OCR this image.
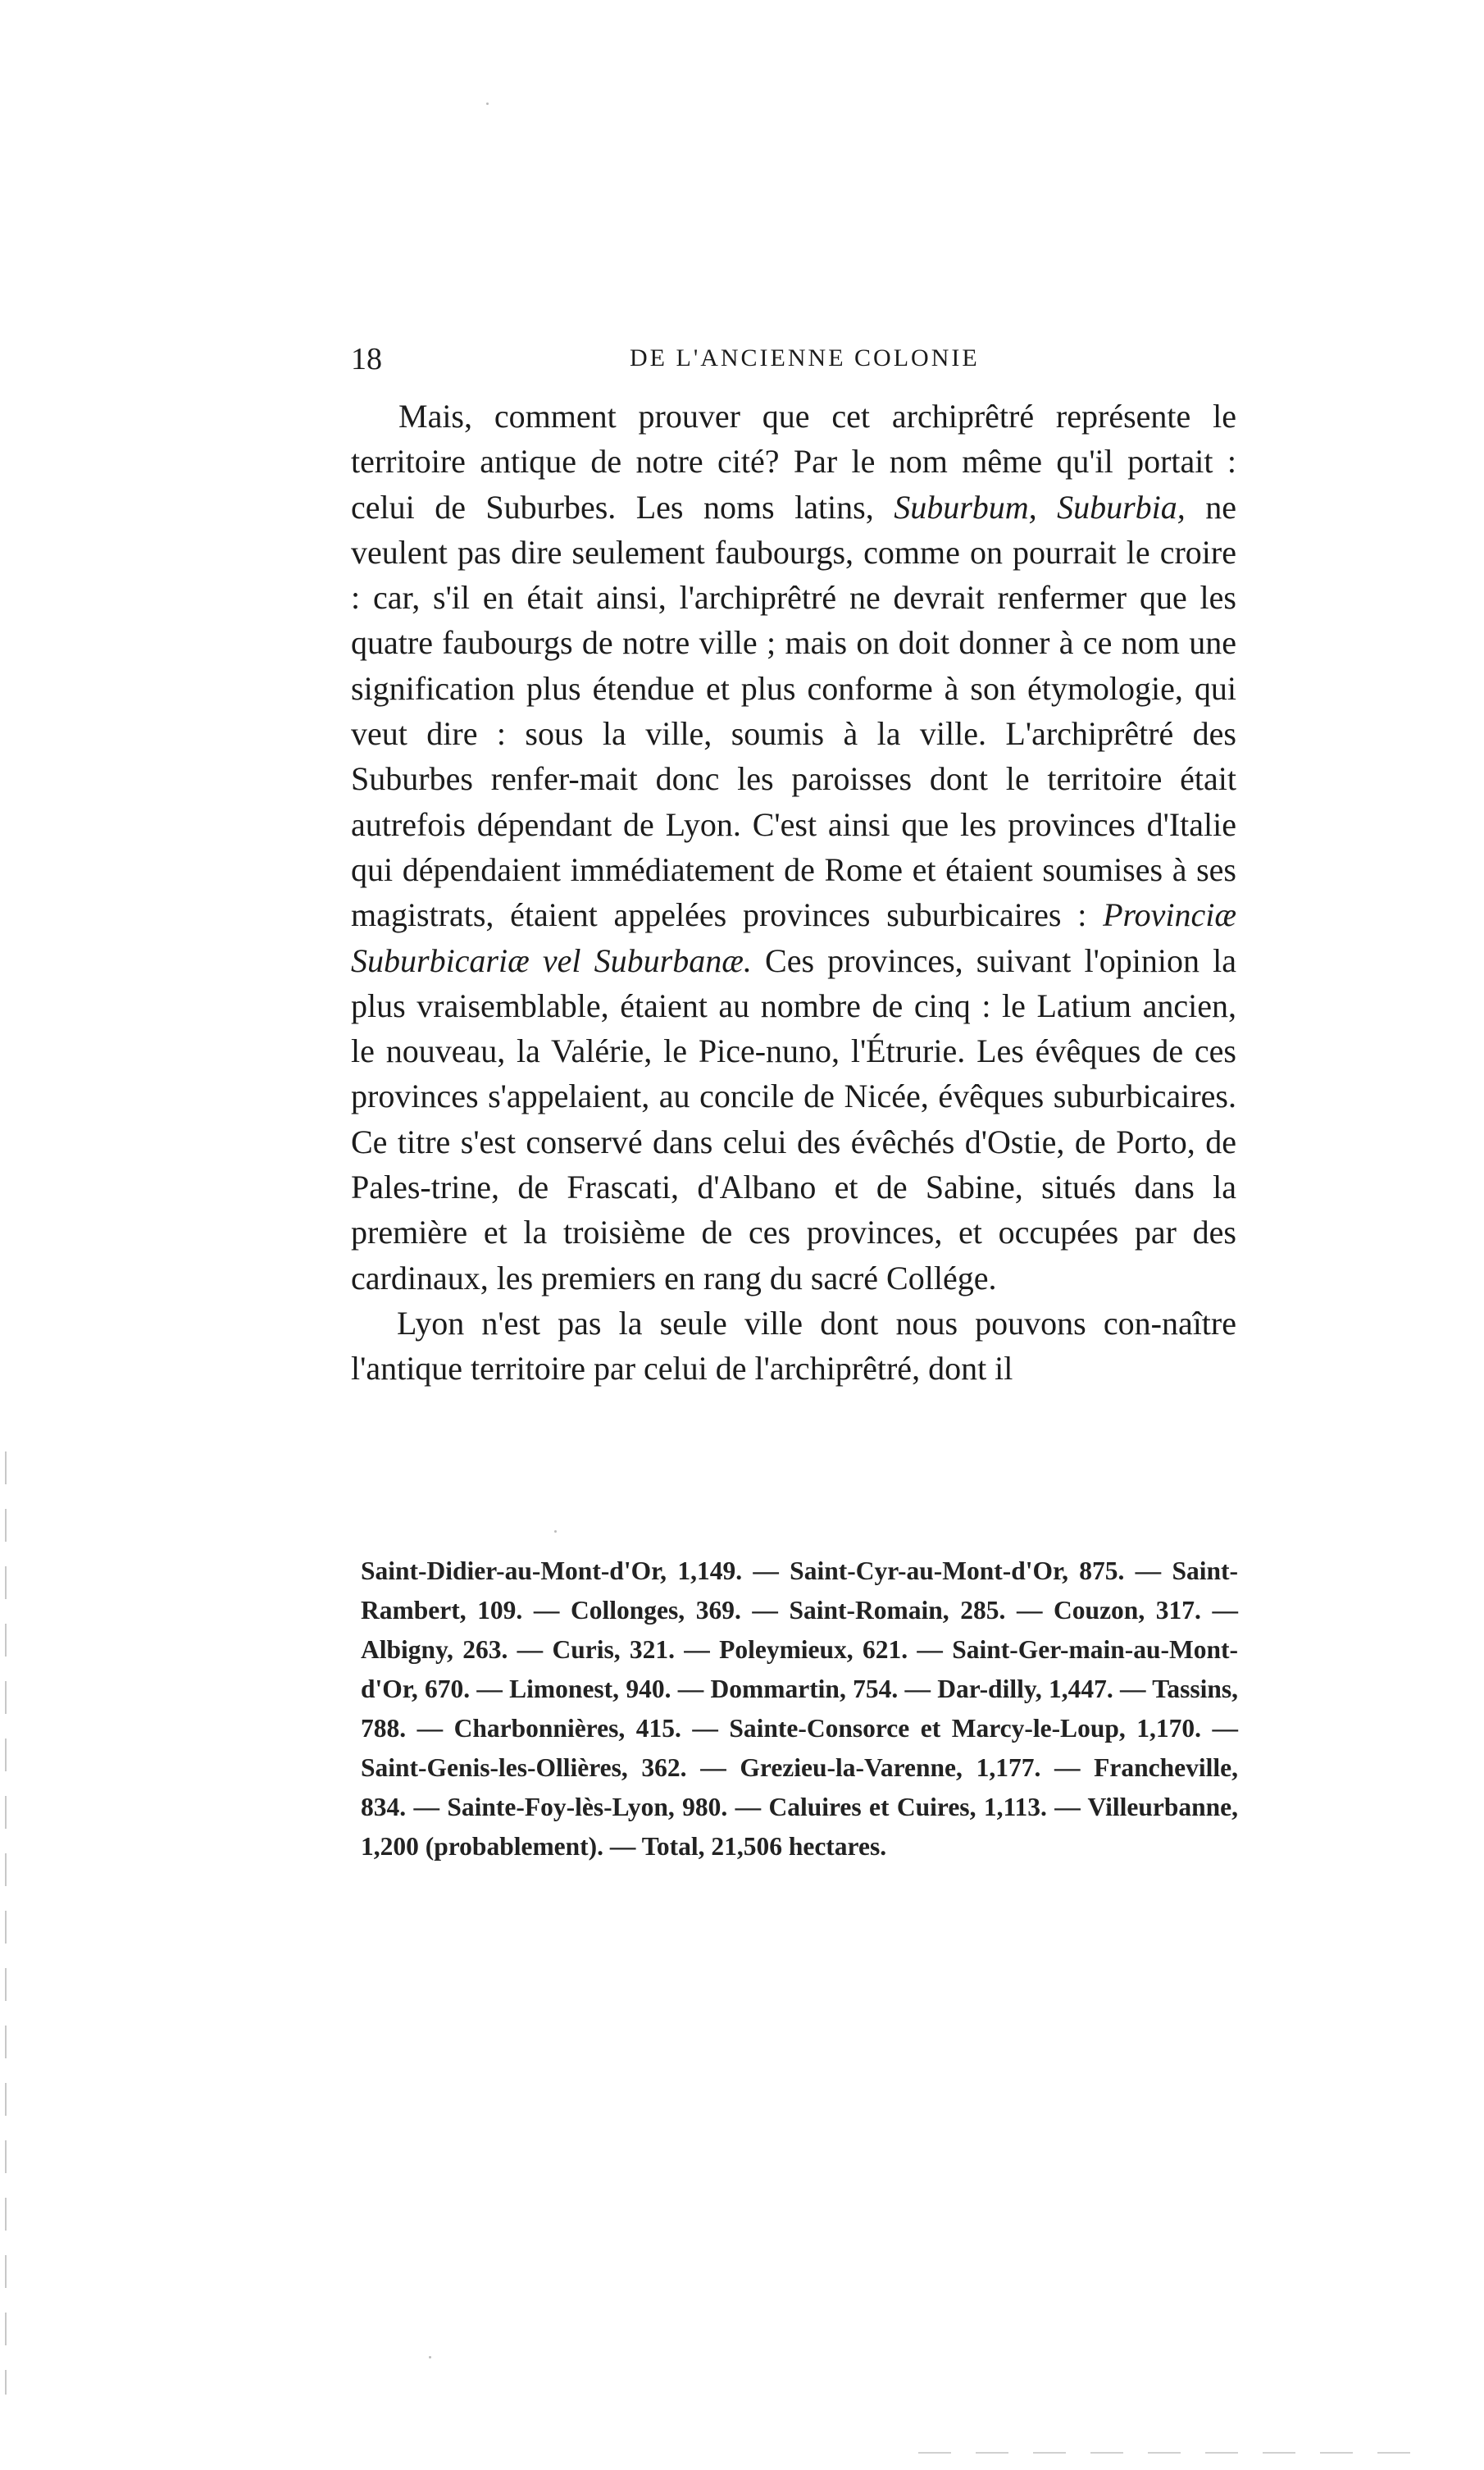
18	DE L'ANCIENNE COLONIE

Mais, comment prouver que cet archiprêtré représente le territoire antique de notre cité? Par le nom même qu'il portait : celui de Suburbes. Les noms latins, Suburbum, Suburbia, ne veulent pas dire seulement faubourgs, comme on pourrait le croire : car, s'il en était ainsi, l'archiprêtré ne devrait renfermer que les quatre faubourgs de notre ville ; mais on doit donner à ce nom une signification plus étendue et plus conforme à son étymologie, qui veut dire : sous la ville, soumis à la ville. L'archiprêtré des Suburbes renfer-mait donc les paroisses dont le territoire était autrefois dépendant de Lyon. C'est ainsi que les provinces d'Italie qui dépendaient immédiatement de Rome et étaient soumises à ses magistrats, étaient appelées provinces suburbicaires : Provinciæ Suburbicariæ vel Suburbanæ. Ces provinces, suivant l'opinion la plus vraisemblable, étaient au nombre de cinq : le Latium ancien, le nouveau, la Valérie, le Pice-nuno, l'Étrurie. Les évêques de ces provinces s'appelaient, au concile de Nicée, évêques suburbicaires. Ce titre s'est conservé dans celui des évêchés d'Ostie, de Porto, de Pales-trine, de Frascati, d'Albano et de Sabine, situés dans la première et la troisième de ces provinces, et occupées par des cardinaux, les premiers en rang du sacré Collége.

Lyon n'est pas la seule ville dont nous pouvons con-naître l'antique territoire par celui de l'archiprêtré, dont il

Saint-Didier-au-Mont-d'Or, 1,149. — Saint-Cyr-au-Mont-d'Or, 875. — Saint-Rambert, 109. — Collonges, 369. — Saint-Romain, 285. — Couzon, 317. — Albigny, 263. — Curis, 321. — Poleymieux, 621. — Saint-Ger-main-au-Mont-d'Or, 670. — Limonest, 940. — Dommartin, 754. — Dar-dilly, 1,447. — Tassins, 788. — Charbonnières, 415. — Sainte-Consorce et Marcy-le-Loup, 1,170. — Saint-Genis-les-Ollières, 362. — Grezieu-la-Varenne, 1,177. — Francheville, 834. — Sainte-Foy-lès-Lyon, 980. — Caluires et Cuires, 1,113. — Villeurbanne, 1,200 (probablement). — Total, 21,506 hectares.
